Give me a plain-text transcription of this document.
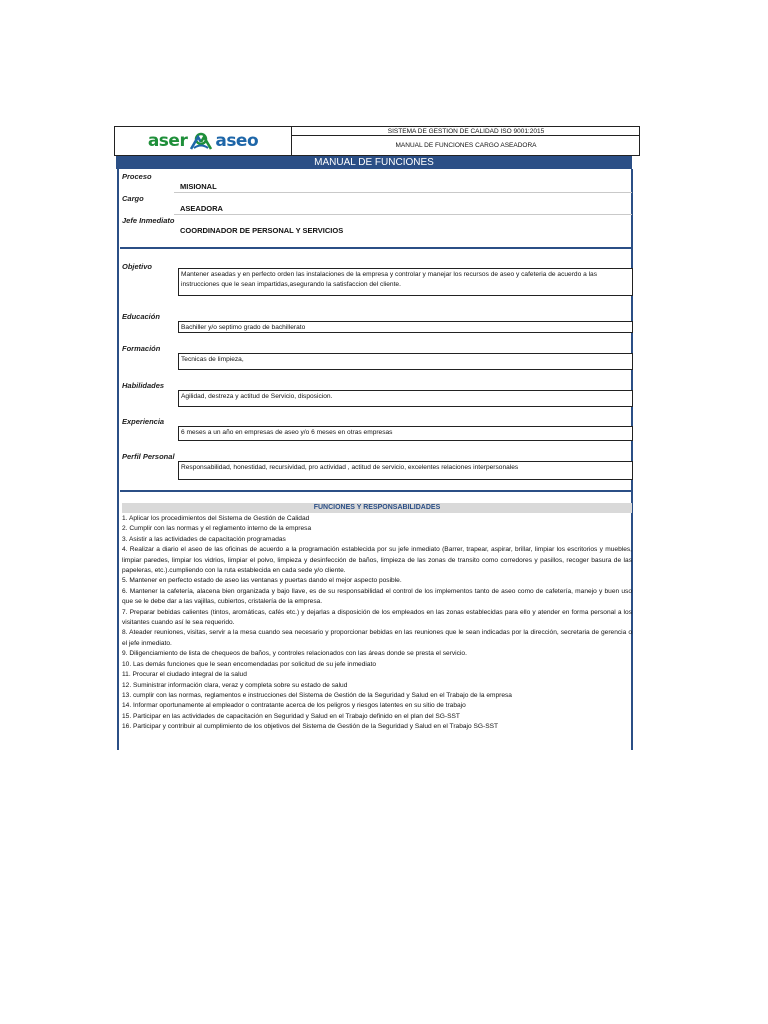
aser aseo	SISTEMA DE GESTION DE CALIDAD ISO 9001:2015
MANUAL DE FUNCIONES CARGO ASEADORA
MANUAL DE FUNCIONES
Proceso
MISIONAL
Cargo
ASEADORA
Jefe Inmediato
COORDINADOR DE PERSONAL Y SERVICIOS
Objetivo
Mantener aseadas y en perfecto orden las instalaciones de la empresa y controlar y manejar los recursos de aseo y cafeteria de acuerdo a las instrucciones que le sean impartidas,asegurando la satisfaccion del cliente.
Educación
Bachiller y/o septimo grado de bachillerato
Formación
Tecnicas de limpieza,
Habilidades
Agilidad, destreza y actitud de Servicio, disposicion.
Experiencia
6 meses a un año en empresas de aseo y/o 6 meses en otras empresas
Perfil Personal
Responsabilidad, honestidad, recursividad, pro actividad , actitud de servicio, excelentes relaciones interpersonales
FUNCIONES Y RESPONSABILIDADES

1. Aplicar los procedimientos del Sistema de Gestión de Calidad

2. Cumplir con las normas y el reglamento interno de la empresa

3. Asistir a las actividades de capacitación programadas

4. Realizar a diario el aseo de las oficinas de acuerdo a la programación establecida por su jefe inmediato (Barrer, trapear, aspirar, brillar, limpiar los escritorios y muebles, limpiar paredes, limpiar los vidrios, limpiar el polvo, limpieza y desinfección de baños, limpieza de las zonas de transito como corredores y pasillos, recoger basura de las papeleras, etc.).cumpliendo con la ruta establecida en cada sede y/o cliente.

5. Mantener en perfecto estado de aseo las ventanas y puertas dando el mejor aspecto posible.

6. Mantener la cafetería, alacena bien organizada y bajo llave, es de su responsabilidad el control de los implementos tanto de aseo como de cafetería, manejo y buen uso que se le debe dar a las vajillas, cubiertos, cristalería de la empresa.

7. Preparar bebidas calientes (tintos, aromáticas, cafés etc.) y dejarlas a disposición de los empleados en las zonas establecidas para ello y atender en forma personal a los visitantes cuando así le sea requerido.

8. Ateader reuniones, visitas, servir a la mesa cuando sea necesario y proporcionar bebidas en las reuniones que le sean indicadas por la dirección, secretaria de gerencia o el jefe inmediato.

9. Diligenciamiento de lista de chequeos de baños, y controles relacionados con las áreas donde se presta el servicio.

10. Las demás funciones que le sean encomendadas por solicitud de su jefe inmediato

11. Procurar el ciudado integral de la salud

12. Suministrar información clara, veraz y completa sobre su estado de salud

13. cumplir con las normas, reglamentos e instrucciones del Sistema de Gestión de la Seguridad y Salud en el Trabajo de la empresa

14. Informar oportunamente al empleador o contratante acerca de los peligros y riesgos latentes en su sitio de trabajo

15. Participar en las actividades de capacitación en Seguridad y Salud en el Trabajo definido en el plan del SG-SST

16. Participar y contribuir al cumplimiento de los objetivos del Sistema de Gestión de la Seguridad y Salud en el Trabajo SG-SST
